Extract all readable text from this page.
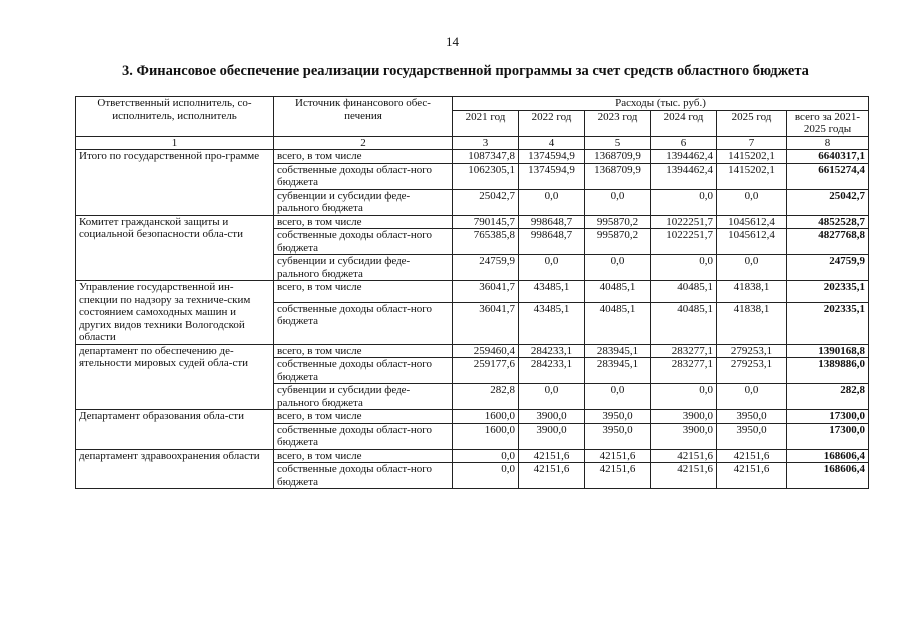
14
3. Финансовое обеспечение реализации государственной программы за счет средств областного бюджета
Ответственный исполнитель, со-исполнитель, исполнитель	Источник финансового обес-печения	Расходы (тыс. руб.)					
		2021 год	2022 год	2023 год	2024 год	2025 год	всего за 2021-2025 годы
1	2	3	4	5	6	7	8
Итого по государственной про-грамме	всего, в том числе	1087347,8	1374594,9	1368709,9	1394462,4	1415202,1	6640317,1
	собственные доходы област-ного бюджета	1062305,1	1374594,9	1368709,9	1394462,4	1415202,1	6615274,4
	субвенции и субсидии феде-рального бюджета	25042,7	0,0	0,0	0,0	0,0	25042,7
Комитет гражданской защиты и социальной безопасности обла-сти	всего, в том числе	790145,7	998648,7	995870,2	1022251,7	1045612,4	4852528,7
	собственные доходы област-ного бюджета	765385,8	998648,7	995870,2	1022251,7	1045612,4	4827768,8
	субвенции и субсидии феде-рального бюджета	24759,9	0,0	0,0	0,0	0,0	24759,9
Управление государственной ин-спекции по надзору за техниче-ским состоянием самоходных машин и других видов техники Вологодской области	всего, в том числе	36041,7	43485,1	40485,1	40485,1	41838,1	202335,1
	собственные доходы област-ного бюджета	36041,7	43485,1	40485,1	40485,1	41838,1	202335,1
департамент по обеспечению де-ятельности мировых судей обла-сти	всего, в том числе	259460,4	284233,1	283945,1	283277,1	279253,1	1390168,8
	собственные доходы област-ного бюджета	259177,6	284233,1	283945,1	283277,1	279253,1	1389886,0
	субвенции и субсидии феде-рального бюджета	282,8	0,0	0,0	0,0	0,0	282,8
Департамент образования обла-сти	всего, в том числе	1600,0	3900,0	3950,0	3900,0	3950,0	17300,0
	собственные доходы област-ного бюджета	1600,0	3900,0	3950,0	3900,0	3950,0	17300,0
департамент здравоохранения области	всего, в том числе	0,0	42151,6	42151,6	42151,6	42151,6	168606,4
	собственные доходы област-ного бюджета	0,0	42151,6	42151,6	42151,6	42151,6	168606,4
